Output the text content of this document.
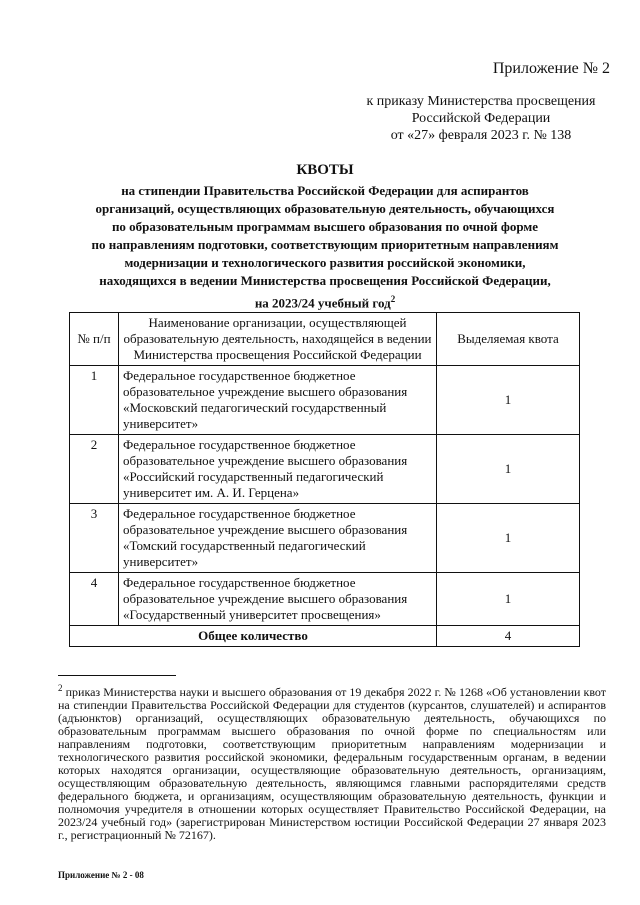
Приложение № 2
к приказу Министерства просвещения
Российской Федерации
от «27» февраля 2023 г. № 138
КВОТЫ
на стипендии Правительства Российской Федерации для аспирантов
организаций, осуществляющих образовательную деятельность, обучающихся
по образовательным программам высшего образования по очной форме
по направлениям подготовки, соответствующим приоритетным направлениям
модернизации и технологического развития российской экономики,
находящихся в ведении Министерства просвещения Российской Федерации,
на 2023/24 учебный год$^2$
№ п/п	Наименование организации, осуществляющей образовательную деятельность, находящейся в ведении Министерства просвещения Российской Федерации	Выделяемая квота
1	Федеральное государственное бюджетное образовательное учреждение высшего образования «Московский педагогический государственный университет»	1
2	Федеральное государственное бюджетное образовательное учреждение высшего образования «Российский государственный педагогический университет им. А. И. Герцена»	1
3	Федеральное государственное бюджетное образовательное учреждение высшего образования «Томский государственный педагогический университет»	1
4	Федеральное государственное бюджетное образовательное учреждение высшего образования «Государственный университет просвещения»	1
Общее количество		4
$^2$ приказ Министерства науки и высшего образования от 19 декабря 2022 г. № 1268 «Об установлении квот на стипендии Правительства Российской Федерации для студентов (курсантов, слушателей) и аспирантов (адъюнктов) организаций, осуществляющих образовательную деятельность, обучающихся по образовательным программам высшего образования по очной форме по специальностям или направлениям подготовки, соответствующим приоритетным направлениям модернизации и технологического развития российской экономики, федеральным государственным органам, в ведении которых находятся организации, осуществляющие образовательную деятельность, организациям, осуществляющим образовательную деятельность, являющимся главными распорядителями средств федерального бюджета, и организациям, осуществляющим образовательную деятельность, функции и полномочия учредителя в отношении которых осуществляет Правительство Российской Федерации, на 2023/24 учебный год» (зарегистрирован Министерством юстиции Российской Федерации 27 января 2023 г., регистрационный № 72167).
Приложение № 2 - 08
